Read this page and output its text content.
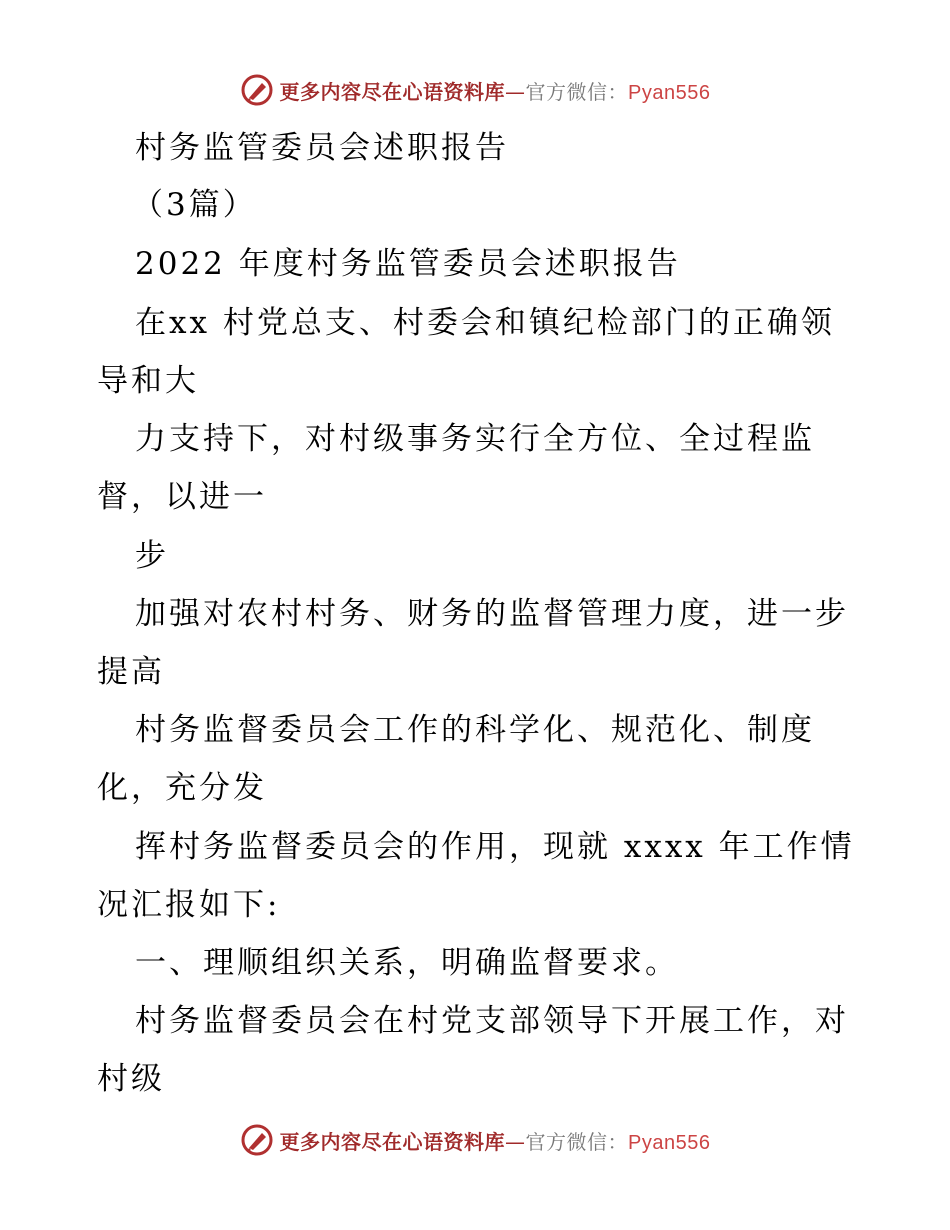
更多内容尽在心语资料库—官方微信：Pyan556
村务监管委员会述职报告
（3篇）
2022 年度村务监管委员会述职报告
在xx 村党总支、村委会和镇纪检部门的正确领
导和大
力支持下，对村级事务实行全方位、全过程监
督，以进一
步
加强对农村村务、财务的监督管理力度，进一步
提高
村务监督委员会工作的科学化、规范化、制度
化，充分发
挥村务监督委员会的作用，现就 xxxx 年工作情
况汇报如下:
一、理顺组织关系，明确监督要求。
村务监督委员会在村党支部领导下开展工作，对
村级
更多内容尽在心语资料库—官方微信：Pyan556
